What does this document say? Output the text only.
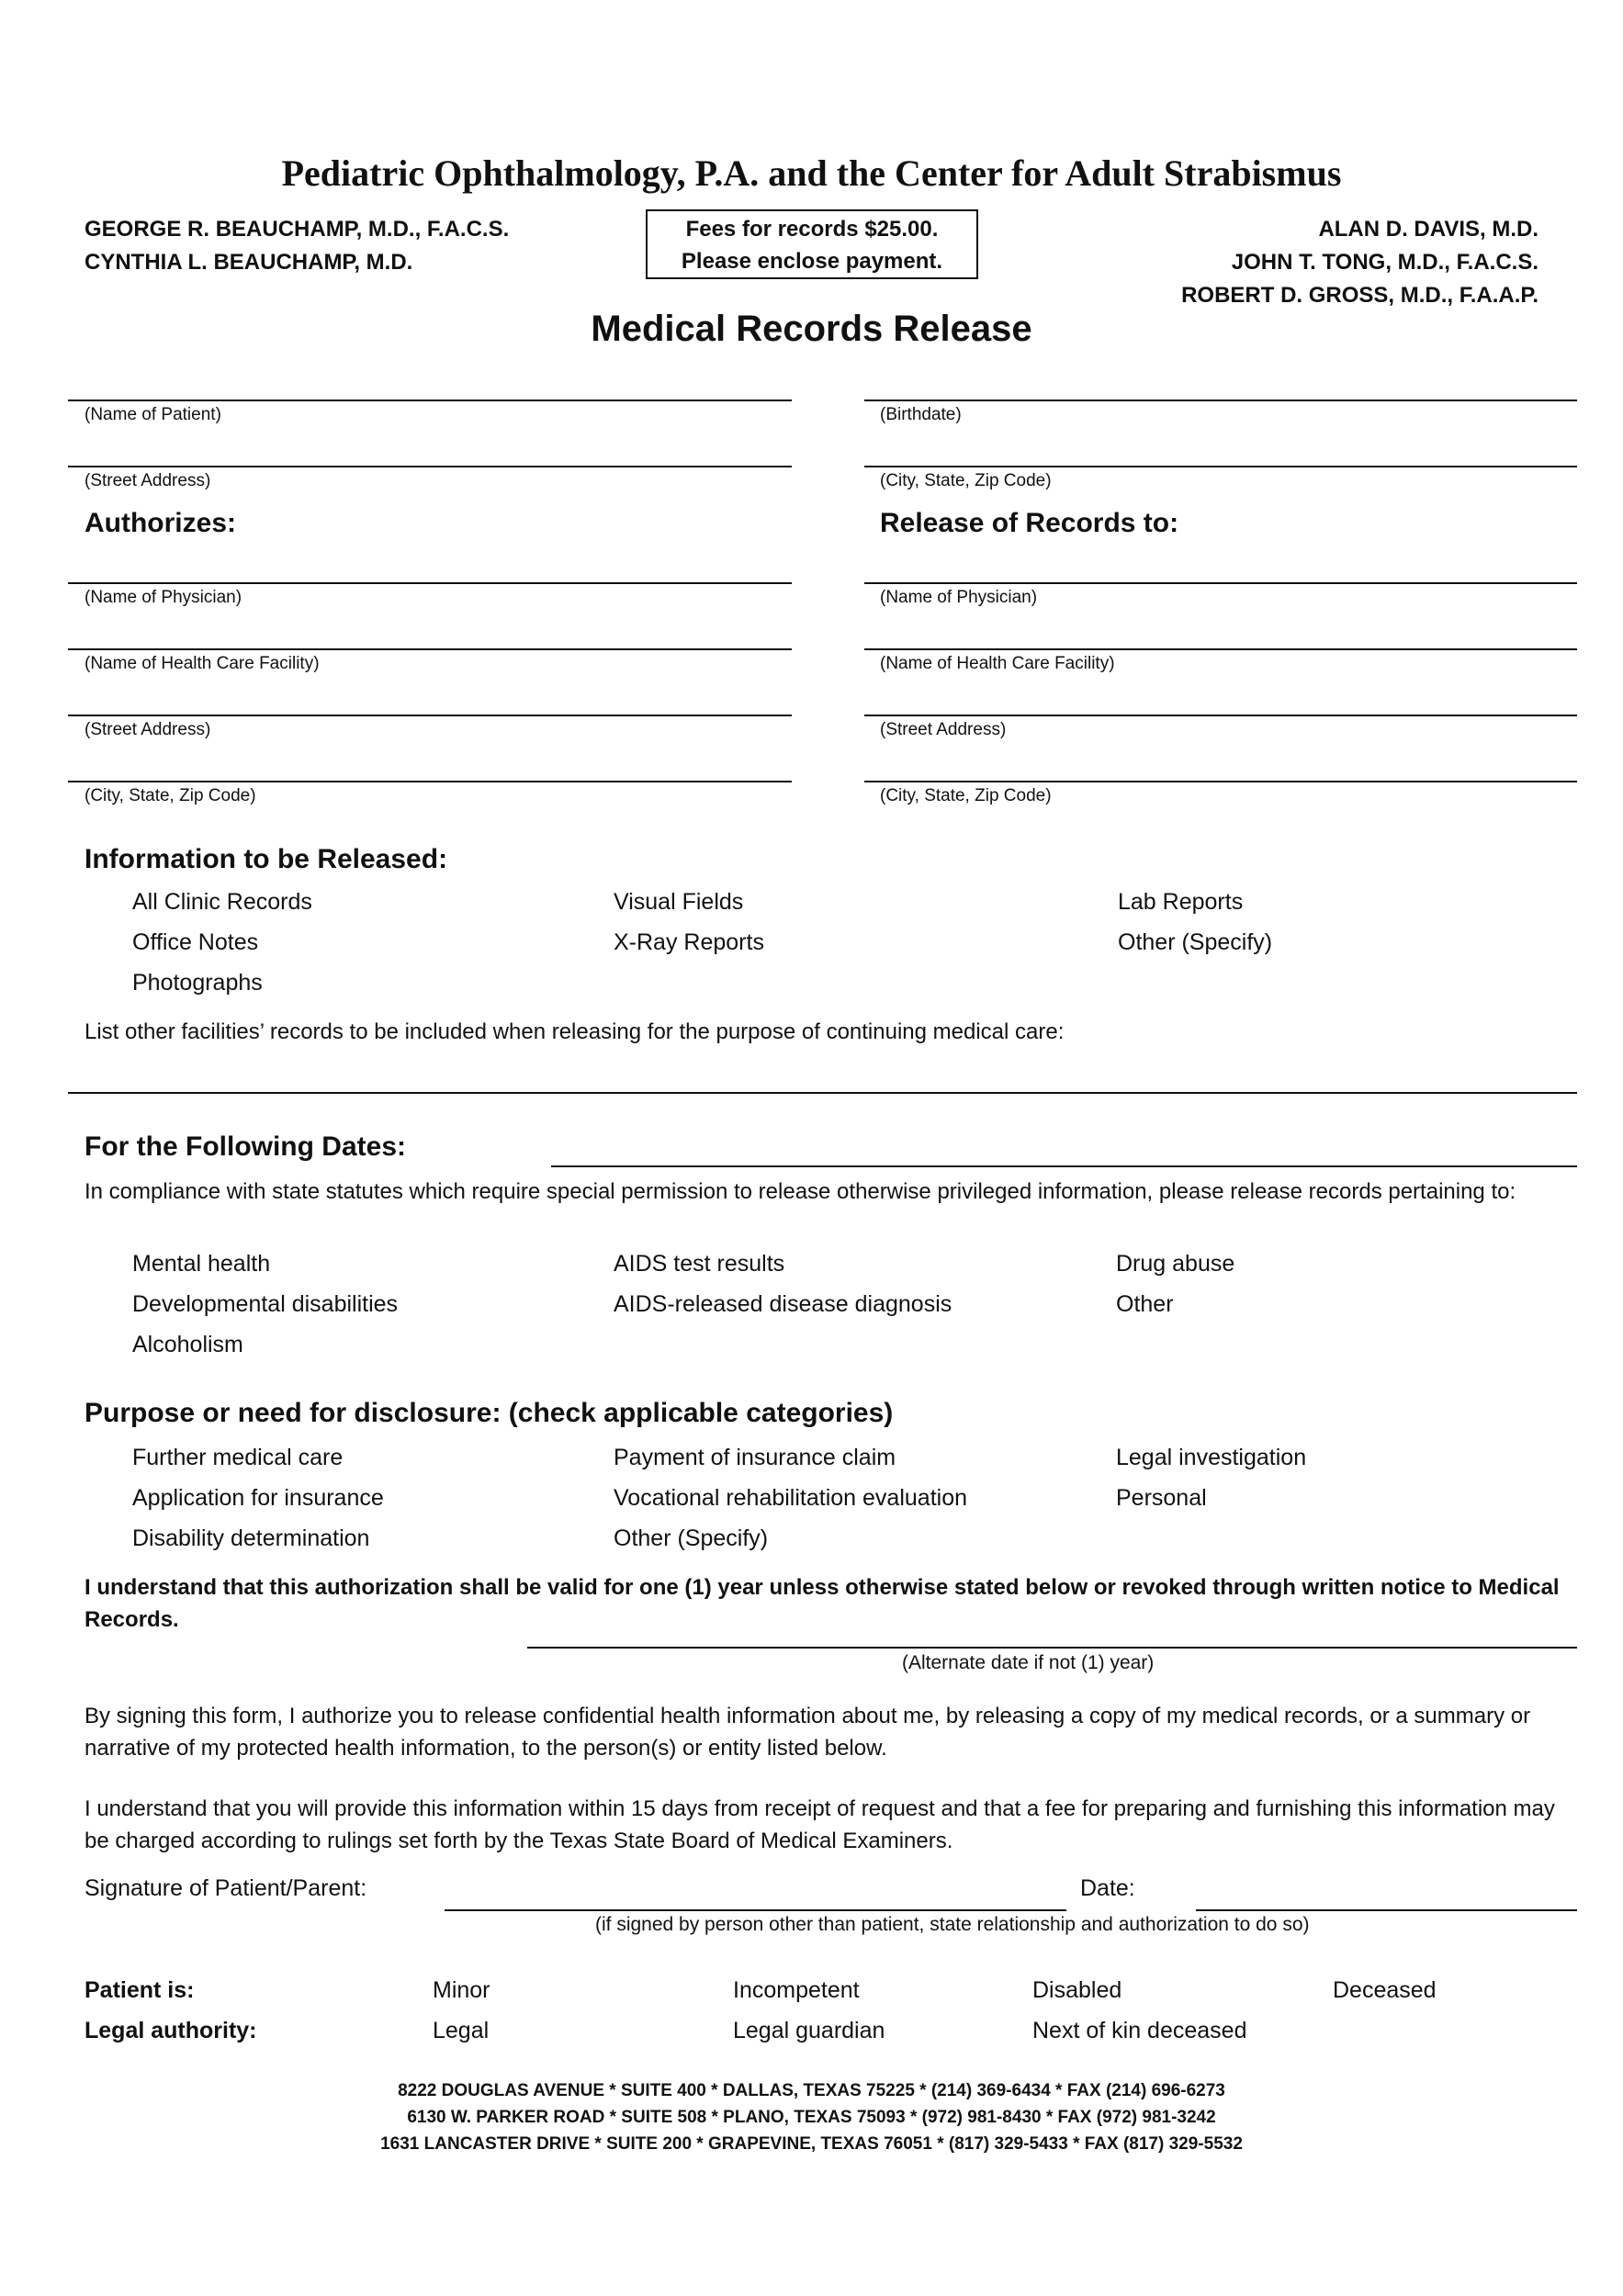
Pediatric Ophthalmology, P.A. and the Center for Adult Strabismus
GEORGE R. BEAUCHAMP, M.D., F.A.C.S.
CYNTHIA L. BEAUCHAMP, M.D.
Fees for records $25.00.
Please enclose payment.
ALAN D. DAVIS, M.D.
JOHN T. TONG, M.D., F.A.C.S.
ROBERT D. GROSS, M.D., F.A.A.P.
Medical Records Release
(Name of Patient)	(Birthdate)
(Street Address)	(City, State, Zip Code)
Authorizes:	Release of Records to:
(Name of Physician)	(Name of Physician)
(Name of Health Care Facility)	(Name of Health Care Facility)
(Street Address)	(Street Address)
(City, State, Zip Code)	(City, State, Zip Code)
Information to be Released:
All Clinic Records	Visual Fields	Lab Reports
Office Notes	X-Ray Reports	Other (Specify)
Photographs
List other facilities’ records to be included when releasing for the purpose of continuing medical care:
For the Following Dates:
In compliance with state statutes which require special permission to release otherwise privileged information, please release records pertaining to:
Mental health	AIDS test results	Drug abuse
Developmental disabilities	AIDS-released disease diagnosis	Other
Alcoholism
Purpose or need for disclosure: (check applicable categories)
Further medical care	Payment of insurance claim	Legal investigation
Application for insurance	Vocational rehabilitation evaluation	Personal
Disability determination	Other (Specify)
I understand that this authorization shall be valid for one (1) year unless otherwise stated below or revoked through written notice to Medical Records.
(Alternate date if not (1) year)
By signing this form, I authorize you to release confidential health information about me, by releasing a copy of my medical records, or a summary or narrative of my protected health information, to the person(s) or entity listed below.
I understand that you will provide this information within 15 days from receipt of request and that a fee for preparing and furnishing this information may be charged according to rulings set forth by the Texas State Board of Medical Examiners.
Signature of Patient/Parent:	Date:
(if signed by person other than patient, state relationship and authorization to do so)
Patient is:	Minor	Incompetent	Disabled	Deceased
Legal authority:	Legal	Legal guardian	Next of kin deceased
8222 DOUGLAS AVENUE * SUITE 400 * DALLAS, TEXAS 75225 * (214) 369-6434 * FAX (214) 696-6273
6130 W. PARKER ROAD * SUITE 508 * PLANO, TEXAS 75093 * (972) 981-8430 * FAX (972) 981-3242
1631 LANCASTER DRIVE * SUITE 200 * GRAPEVINE, TEXAS 76051 * (817) 329-5433 * FAX (817) 329-5532
